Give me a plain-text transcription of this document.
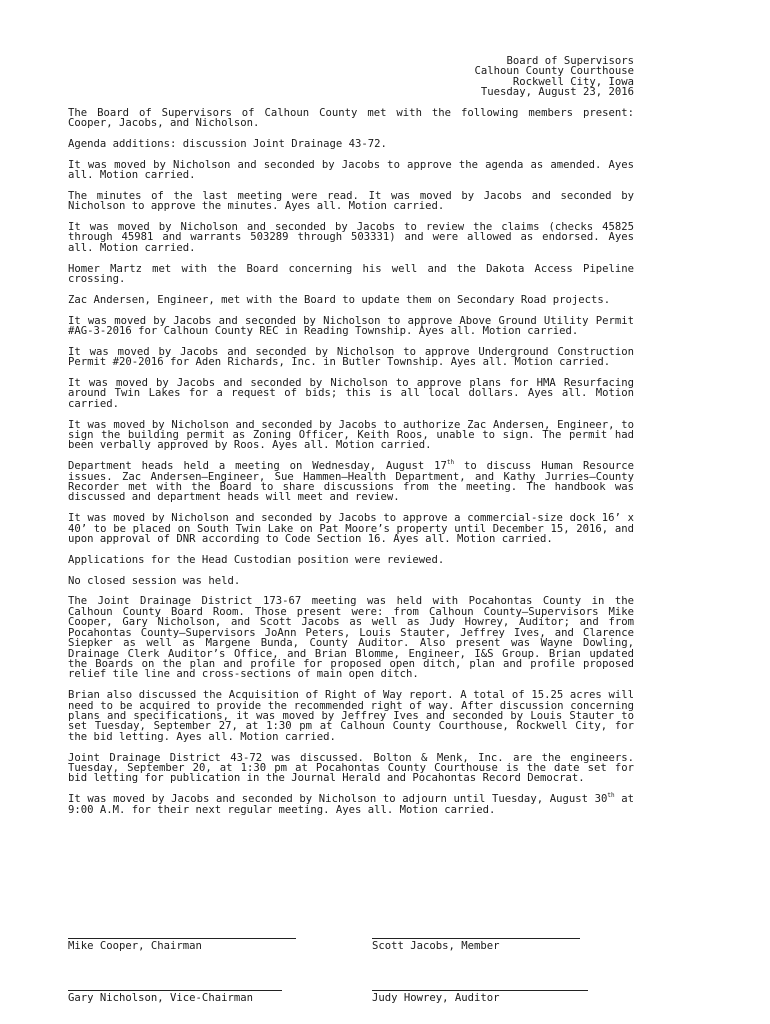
Board of Supervisors
Calhoun County Courthouse
Rockwell City, Iowa
Tuesday, August 23, 2016

The Board of Supervisors of Calhoun County met with the following members present: Cooper, Jacobs, and Nicholson.

Agenda additions: discussion Joint Drainage 43-72.

It was moved by Nicholson and seconded by Jacobs to approve the agenda as amended. Ayes all. Motion carried.

The minutes of the last meeting were read. It was moved by Jacobs and seconded by Nicholson to approve the minutes. Ayes all. Motion carried.

It was moved by Nicholson and seconded by Jacobs to review the claims (checks 45825 through 45981 and warrants 503289 through 503331) and were allowed as endorsed. Ayes all. Motion carried.

Homer Martz met with the Board concerning his well and the Dakota Access Pipeline crossing.

Zac Andersen, Engineer, met with the Board to update them on Secondary Road projects.

It was moved by Jacobs and seconded by Nicholson to approve Above Ground Utility Permit #AG-3-2016 for Calhoun County REC in Reading Township. Ayes all. Motion carried.

It was moved by Jacobs and seconded by Nicholson to approve Underground Construction Permit #20-2016 for Aden Richards, Inc. in Butler Township. Ayes all. Motion carried.

It was moved by Jacobs and seconded by Nicholson to approve plans for HMA Resurfacing around Twin Lakes for a request of bids; this is all local dollars. Ayes all. Motion carried.

It was moved by Nicholson and seconded by Jacobs to authorize Zac Andersen, Engineer, to sign the building permit as Zoning Officer, Keith Roos, unable to sign. The permit had been verbally approved by Roos. Ayes all. Motion carried.

Department heads held a meeting on Wednesday, August 17th to discuss Human Resource issues. Zac Andersen—Engineer, Sue Hammen—Health Department, and Kathy Jurries—County Recorder met with the Board to share discussions from the meeting. The handbook was discussed and department heads will meet and review.

It was moved by Nicholson and seconded by Jacobs to approve a commercial-size dock 16’ x 40’ to be placed on South Twin Lake on Pat Moore’s property until December 15, 2016, and upon approval of DNR according to Code Section 16. Ayes all. Motion carried.

Applications for the Head Custodian position were reviewed.

No closed session was held.

The Joint Drainage District 173-67 meeting was held with Pocahontas County in the Calhoun County Board Room. Those present were: from Calhoun County—Supervisors Mike Cooper, Gary Nicholson, and Scott Jacobs as well as Judy Howrey, Auditor; and from Pocahontas County—Supervisors JoAnn Peters, Louis Stauter, Jeffrey Ives, and Clarence Siepker as well as Margene Bunda, County Auditor. Also present was Wayne Dowling, Drainage Clerk Auditor’s Office, and Brian Blomme, Engineer, I&S Group. Brian updated the Boards on the plan and profile for proposed open ditch, plan and profile proposed relief tile line and cross-sections of main open ditch.

Brian also discussed the Acquisition of Right of Way report. A total of 15.25 acres will need to be acquired to provide the recommended right of way. After discussion concerning plans and specifications, it was moved by Jeffrey Ives and seconded by Louis Stauter to set Tuesday, September 27, at 1:30 pm at Calhoun County Courthouse, Rockwell City, for the bid letting. Ayes all. Motion carried.

Joint Drainage District 43-72 was discussed. Bolton & Menk, Inc. are the engineers. Tuesday, September 20, at 1:30 pm at Pocahontas County Courthouse is the date set for bid letting for publication in the Journal Herald and Pocahontas Record Democrat.

It was moved by Jacobs and seconded by Nicholson to adjourn until Tuesday, August 30th at 9:00 A.M. for their next regular meeting. Ayes all. Motion carried.

Mike Cooper, Chairman	Scott Jacobs, Member
Gary Nicholson, Vice-Chairman	Judy Howrey, Auditor
